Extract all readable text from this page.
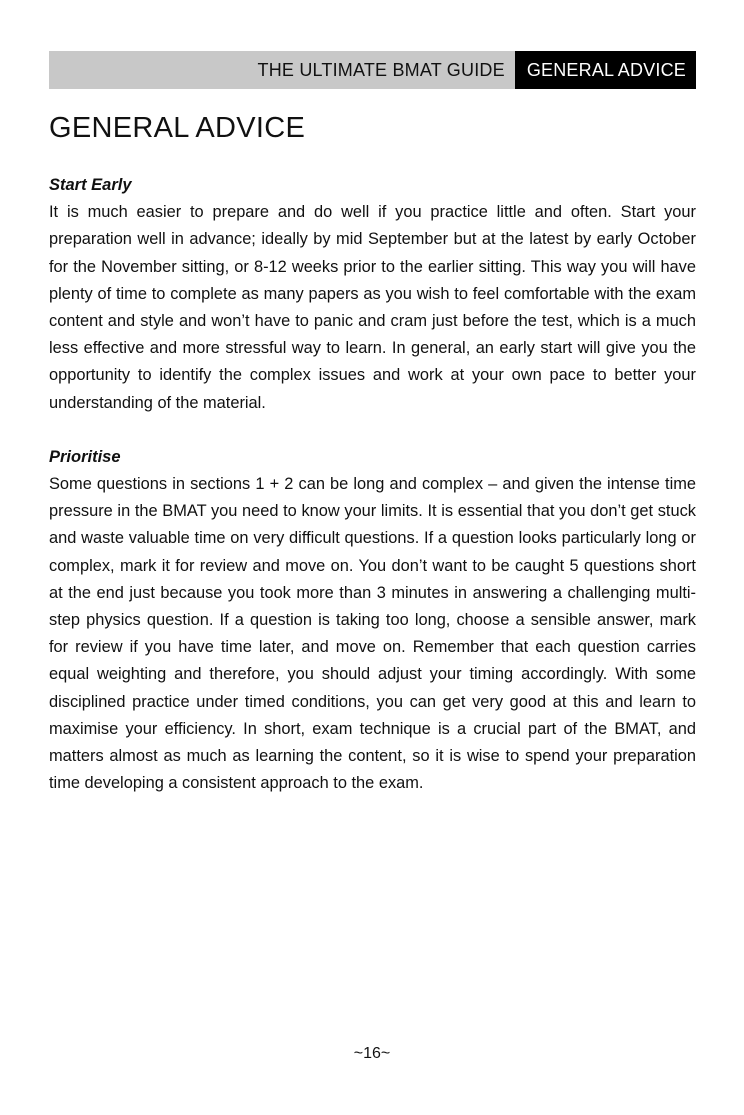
THE ULTIMATE BMAT GUIDE	GENERAL ADVICE
GENERAL ADVICE

Start Early

It is much easier to prepare and do well if you practice little and often. Start your preparation well in advance; ideally by mid September but at the latest by early October for the November sitting, or 8-12 weeks prior to the earlier sitting. This way you will have plenty of time to complete as many papers as you wish to feel comfortable with the exam content and style and won’t have to panic and cram just before the test, which is a much less effective and more stressful way to learn. In general, an early start will give you the opportunity to identify the complex issues and work at your own pace to better your understanding of the material.

Prioritise

Some questions in sections 1 + 2 can be long and complex – and given the intense time pressure in the BMAT you need to know your limits. It is essential that you don’t get stuck and waste valuable time on very difficult questions. If a question looks particularly long or complex, mark it for review and move on. You don’t want to be caught 5 questions short at the end just because you took more than 3 minutes in answering a challenging multi-step physics question. If a question is taking too long, choose a sensible answer, mark for review if you have time later, and move on. Remember that each question carries equal weighting and therefore, you should adjust your timing accordingly. With some disciplined practice under timed conditions, you can get very good at this and learn to maximise your efficiency. In short, exam technique is a crucial part of the BMAT, and matters almost as much as learning the content, so it is wise to spend your preparation time developing a consistent approach to the exam.

~16~
